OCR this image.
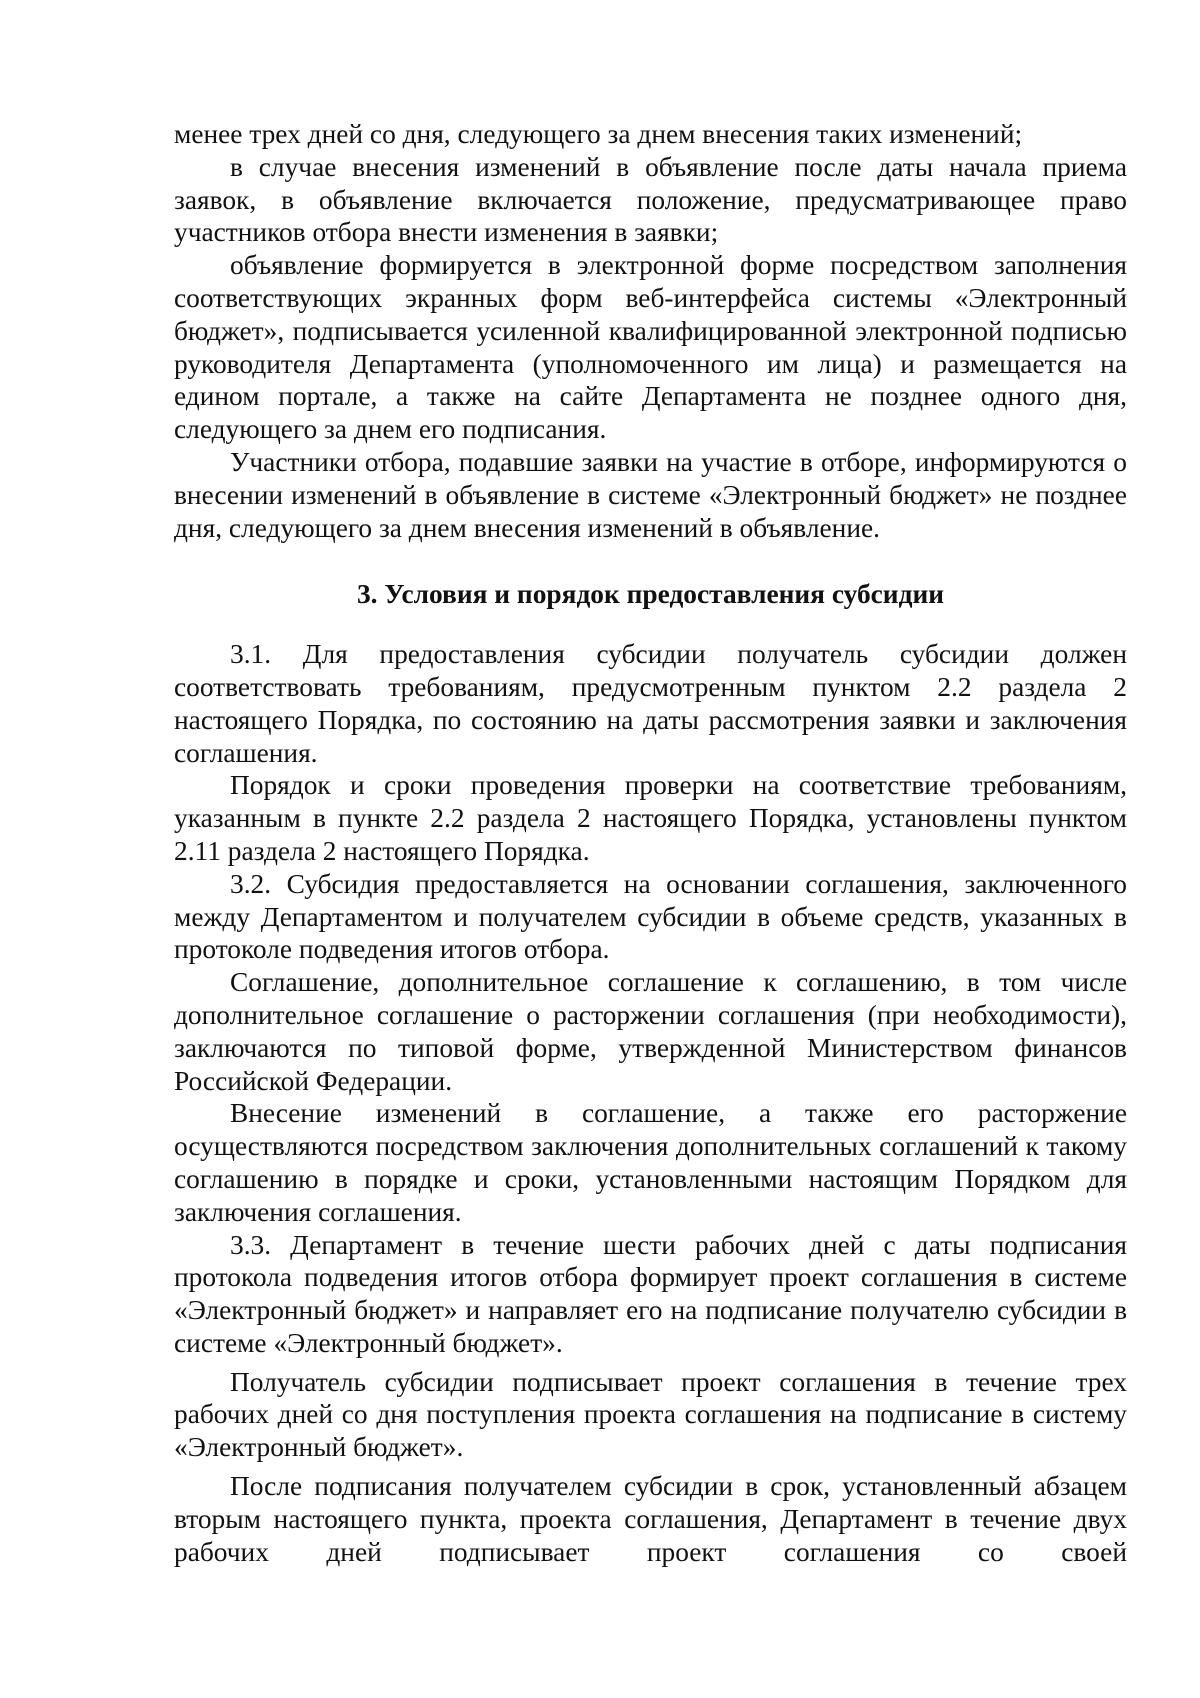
менее трех дней со дня, следующего за днем внесения таких изменений;

в случае внесения изменений в объявление после даты начала приема заявок, в объявление включается положение, предусматривающее право участников отбора внести изменения в заявки;

объявление формируется в электронной форме посредством заполнения соответствующих экранных форм веб-интерфейса системы «Электронный бюджет», подписывается усиленной квалифицированной электронной подписью руководителя Департамента (уполномоченного им лица) и размещается на едином портале, а также на сайте Департамента не позднее одного дня, следующего за днем его подписания.

Участники отбора, подавшие заявки на участие в отборе, информируются о внесении изменений в объявление в системе «Электронный бюджет» не позднее дня, следующего за днем внесения изменений в объявление.

3. Условия и порядок предоставления субсидии

3.1. Для предоставления субсидии получатель субсидии должен соответствовать требованиям, предусмотренным пунктом 2.2 раздела 2 настоящего Порядка, по состоянию на даты рассмотрения заявки и заключения соглашения.

Порядок и сроки проведения проверки на соответствие требованиям, указанным в пункте 2.2 раздела 2 настоящего Порядка, установлены пунктом 2.11 раздела 2 настоящего Порядка.

3.2. Субсидия предоставляется на основании соглашения, заключенного между Департаментом и получателем субсидии в объеме средств, указанных в протоколе подведения итогов отбора.

Соглашение, дополнительное соглашение к соглашению, в том числе дополнительное соглашение о расторжении соглашения (при необходимости), заключаются по типовой форме, утвержденной Министерством финансов Российской Федерации.

Внесение изменений в соглашение, а также его расторжение осуществляются посредством заключения дополнительных соглашений к такому соглашению в порядке и сроки, установленными настоящим Порядком для заключения соглашения.

3.3. Департамент в течение шести рабочих дней с даты подписания протокола подведения итогов отбора формирует проект соглашения в системе «Электронный бюджет» и направляет его на подписание получателю субсидии в системе «Электронный бюджет».

Получатель субсидии подписывает проект соглашения в течение трех рабочих дней со дня поступления проекта соглашения на подписание в систему «Электронный бюджет».

После подписания получателем субсидии в срок, установленный абзацем вторым настоящего пункта, проекта соглашения, Департамент в течение двух рабочих дней подписывает проект соглашения со своей
